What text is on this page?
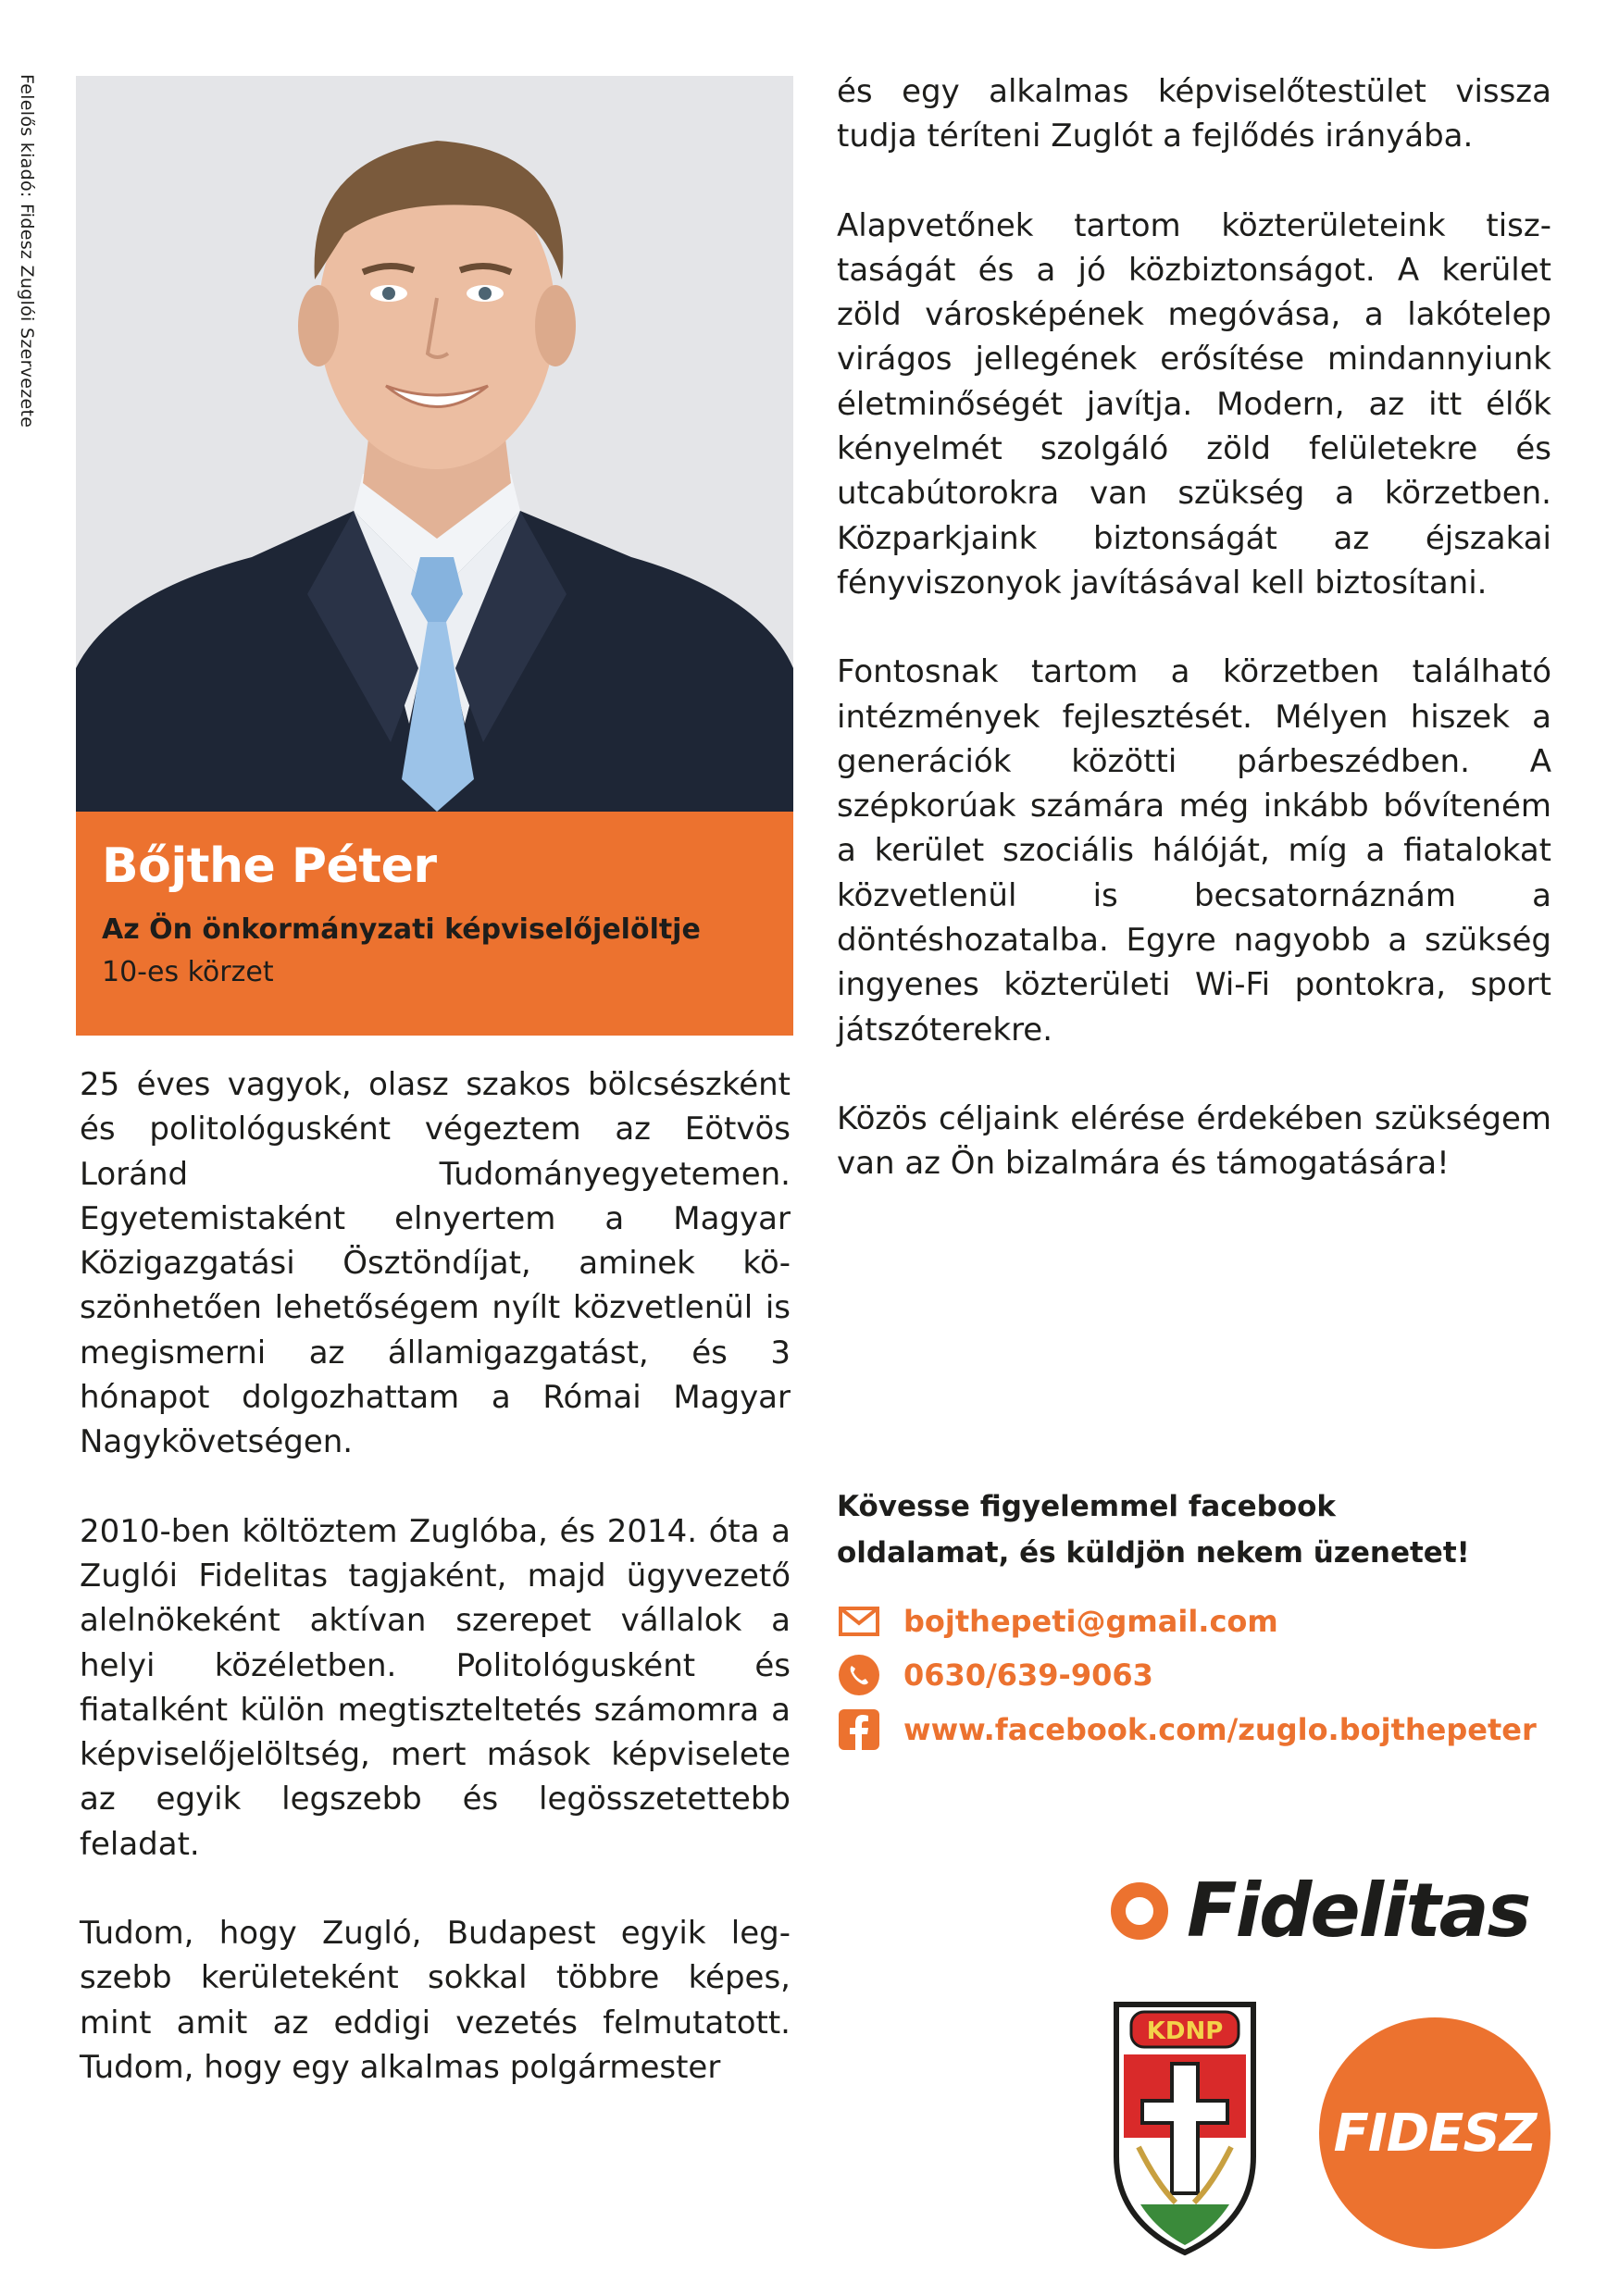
Felelős kiadó: Fidesz Zuglói Szervezete
Bőjthe Péter
Az Ön önkormányzati képviselőjelöltje
10-es körzet

25 éves vagyok, olasz szakos bölcsészként és politológusként végeztem az Eötvös Loránd Tudományegyetemen. Egyetemistaként elnyertem a Magyar Közigazgatási Ösztöndíjat, aminek köszönhetően lehetőségem nyílt közvetlenül is megismerni az államigazgatást, és 3 hónapot dolgozhattam a Római Magyar Nagykövetségen.

2010-ben költöztem Zuglóba, és 2014. óta a Zuglói Fidelitas tagjaként, majd ügyvezető alelnökeként aktívan szerepet vállalok a helyi közéletben. Politológusként és fiatalként külön megtiszteltetés számomra a képviselőjelöltség, mert mások képviselete az egyik legszebb és legösszetettebb feladat.

Tudom, hogy Zugló, Budapest egyik legszebb kerületeként sokkal többre képes, mint amit az eddigi vezetés felmutatott. Tudom, hogy egy alkalmas polgármester

és egy alkalmas képviselőtestület vissza tudja téríteni Zuglót a fejlődés irányába.

Alapvetőnek tartom közterületeink tisztaságát és a jó közbiztonságot. A kerület zöld városképének megóvása, a lakótelep virágos jellegének erősítése mindannyiunk életminőségét javítja. Modern, az itt élők kényelmét szolgáló zöld felületekre és utcabútorokra van szükség a körzetben. Közparkjaink biztonságát az éjszakai fényviszonyok javításával kell biztosítani.

Fontosnak tartom a körzetben található intézmények fejlesztését. Mélyen hiszek a generációk közötti párbeszédben. A szépkorúak számára még inkább bővíteném a kerület szociális hálóját, míg a fiatalokat közvetlenül is becsatornáznám a döntéshozatalba. Egyre nagyobb a szükség ingyenes közterületi Wi-Fi pontokra, sport játszóterekre.

Közös céljaink elérése érdekében szükségem van az Ön bizalmára és támogatására!

Kövesse figyelemmel facebook
oldalamat, és küldjön nekem üzenetet!
bojthepeti@gmail.com
0630/639-9063
www.facebook.com/zuglo.bojthepeter
Fidelitas
KDNP
FIDESZ
